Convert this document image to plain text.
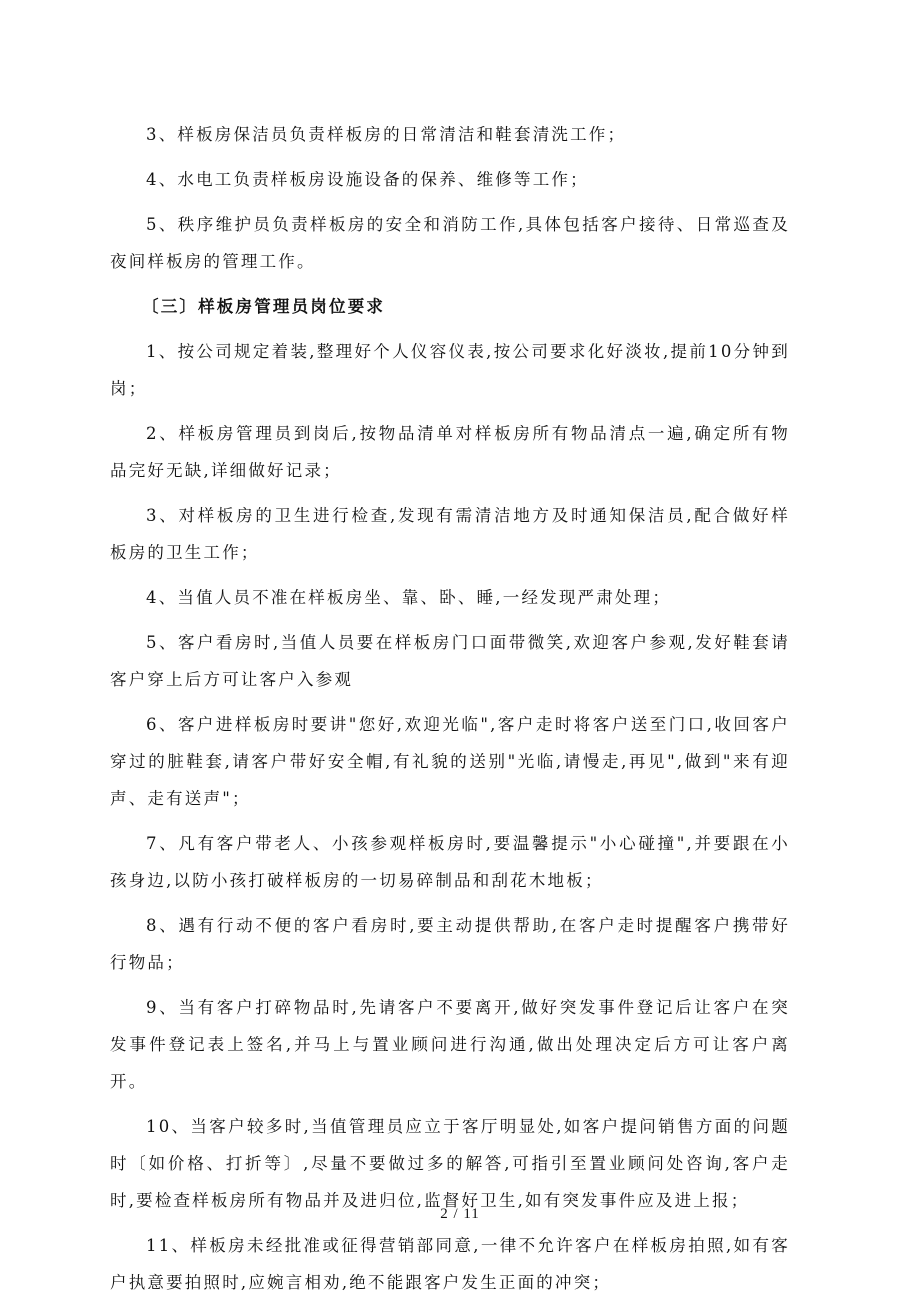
3、样板房保洁员负责样板房的日常清洁和鞋套清洗工作；

4、水电工负责样板房设施设备的保养、维修等工作；

5、秩序维护员负责样板房的安全和消防工作,具体包括客户接待、日常巡查及夜间样板房的管理工作。

〔三〕样板房管理员岗位要求

1、按公司规定着装,整理好个人仪容仪表,按公司要求化好淡妆,提前10分钟到岗；

2、样板房管理员到岗后,按物品清单对样板房所有物品清点一遍,确定所有物品完好无缺,详细做好记录；

3、对样板房的卫生进行检查,发现有需清洁地方及时通知保洁员,配合做好样板房的卫生工作；

4、当值人员不准在样板房坐、靠、卧、睡,一经发现严肃处理；

5、客户看房时,当值人员要在样板房门口面带微笑,欢迎客户参观,发好鞋套请客户穿上后方可让客户入参观

6、客户进样板房时要讲"您好,欢迎光临",客户走时将客户送至门口,收回客户穿过的脏鞋套,请客户带好安全帽,有礼貌的送别"光临,请慢走,再见",做到"来有迎声、走有送声"；

7、凡有客户带老人、小孩参观样板房时,要温馨提示"小心碰撞",并要跟在小孩身边,以防小孩打破样板房的一切易碎制品和刮花木地板；

8、遇有行动不便的客户看房时,要主动提供帮助,在客户走时提醒客户携带好行物品；

9、当有客户打碎物品时,先请客户不要离开,做好突发事件登记后让客户在突发事件登记表上签名,并马上与置业顾问进行沟通,做出处理决定后方可让客户离开。

10、当客户较多时,当值管理员应立于客厅明显处,如客户提问销售方面的问题时〔如价格、打折等〕,尽量不要做过多的解答,可指引至置业顾问处咨询,客户走时,要检查样板房所有物品并及进归位,监督好卫生,如有突发事件应及进上报；

11、样板房未经批准或征得营销部同意,一律不允许客户在样板房拍照,如有客户执意要拍照时,应婉言相劝,绝不能跟客户发生正面的冲突；

2 / 11
